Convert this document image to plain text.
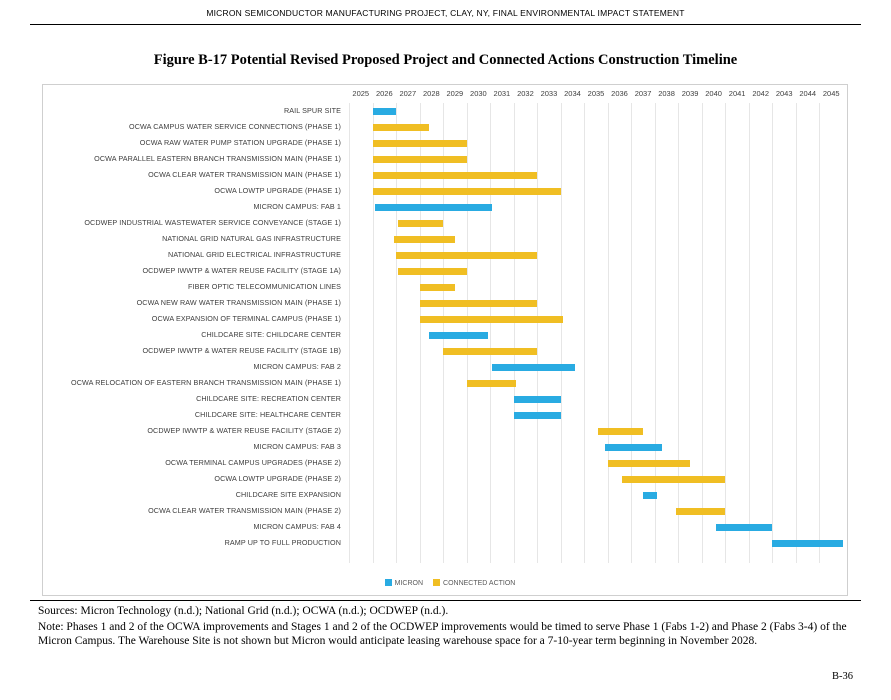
MICRON SEMICONDUCTOR MANUFACTURING PROJECT, CLAY, NY, FINAL ENVIRONMENTAL IMPACT STATEMENT
Figure B-17 Potential Revised Proposed Project and Connected Actions Construction Timeline
2025 2026 2027 2028 2029 2030 2031 2032 2033 2034 2035 2036 2037 2038 2039 2040 2041 2042 2043 2044 2045
RAIL SPUR SITE
OCWA CAMPUS WATER SERVICE CONNECTIONS (PHASE 1)
OCWA RAW WATER PUMP STATION UPGRADE (PHASE 1)
OCWA PARALLEL EASTERN BRANCH TRANSMISSION MAIN (PHASE 1)
OCWA CLEAR WATER TRANSMISSION MAIN (PHASE 1)
OCWA LOWTP UPGRADE (PHASE 1)
MICRON CAMPUS: FAB 1
OCDWEP INDUSTRIAL WASTEWATER SERVICE CONVEYANCE (STAGE 1)
NATIONAL GRID NATURAL GAS INFRASTRUCTURE
NATIONAL GRID ELECTRICAL INFRASTRUCTURE
OCDWEP IWWTP & WATER REUSE FACILITY (STAGE 1A)
FIBER OPTIC TELECOMMUNICATION LINES
OCWA NEW RAW WATER TRANSMISSION MAIN (PHASE 1)
OCWA EXPANSION OF TERMINAL CAMPUS (PHASE 1)
CHILDCARE SITE: CHILDCARE CENTER
OCDWEP IWWTP & WATER REUSE FACILITY (STAGE 1B)
MICRON CAMPUS: FAB 2
OCWA RELOCATION OF EASTERN BRANCH TRANSMISSION MAIN (PHASE 1)
CHILDCARE SITE: RECREATION CENTER
CHILDCARE SITE: HEALTHCARE CENTER
OCDWEP IWWTP & WATER REUSE FACILITY (STAGE 2)
MICRON CAMPUS: FAB 3
OCWA TERMINAL CAMPUS UPGRADES (PHASE 2)
OCWA LOWTP UPGRADE (PHASE 2)
CHILDCARE SITE EXPANSION
OCWA CLEAR WATER TRANSMISSION MAIN (PHASE 2)
MICRON CAMPUS: FAB 4
RAMP UP TO FULL PRODUCTION
MICRON	CONNECTED ACTION

Sources: Micron Technology (n.d.); National Grid (n.d.); OCWA (n.d.); OCDWEP (n.d.).

Note: Phases 1 and 2 of the OCWA improvements and Stages 1 and 2 of the OCDWEP improvements would be timed to serve Phase 1 (Fabs 1-2) and Phase 2 (Fabs 3-4) of the Micron Campus. The Warehouse Site is not shown but Micron would anticipate leasing warehouse space for a 7-10-year term beginning in November 2028.

B-36
